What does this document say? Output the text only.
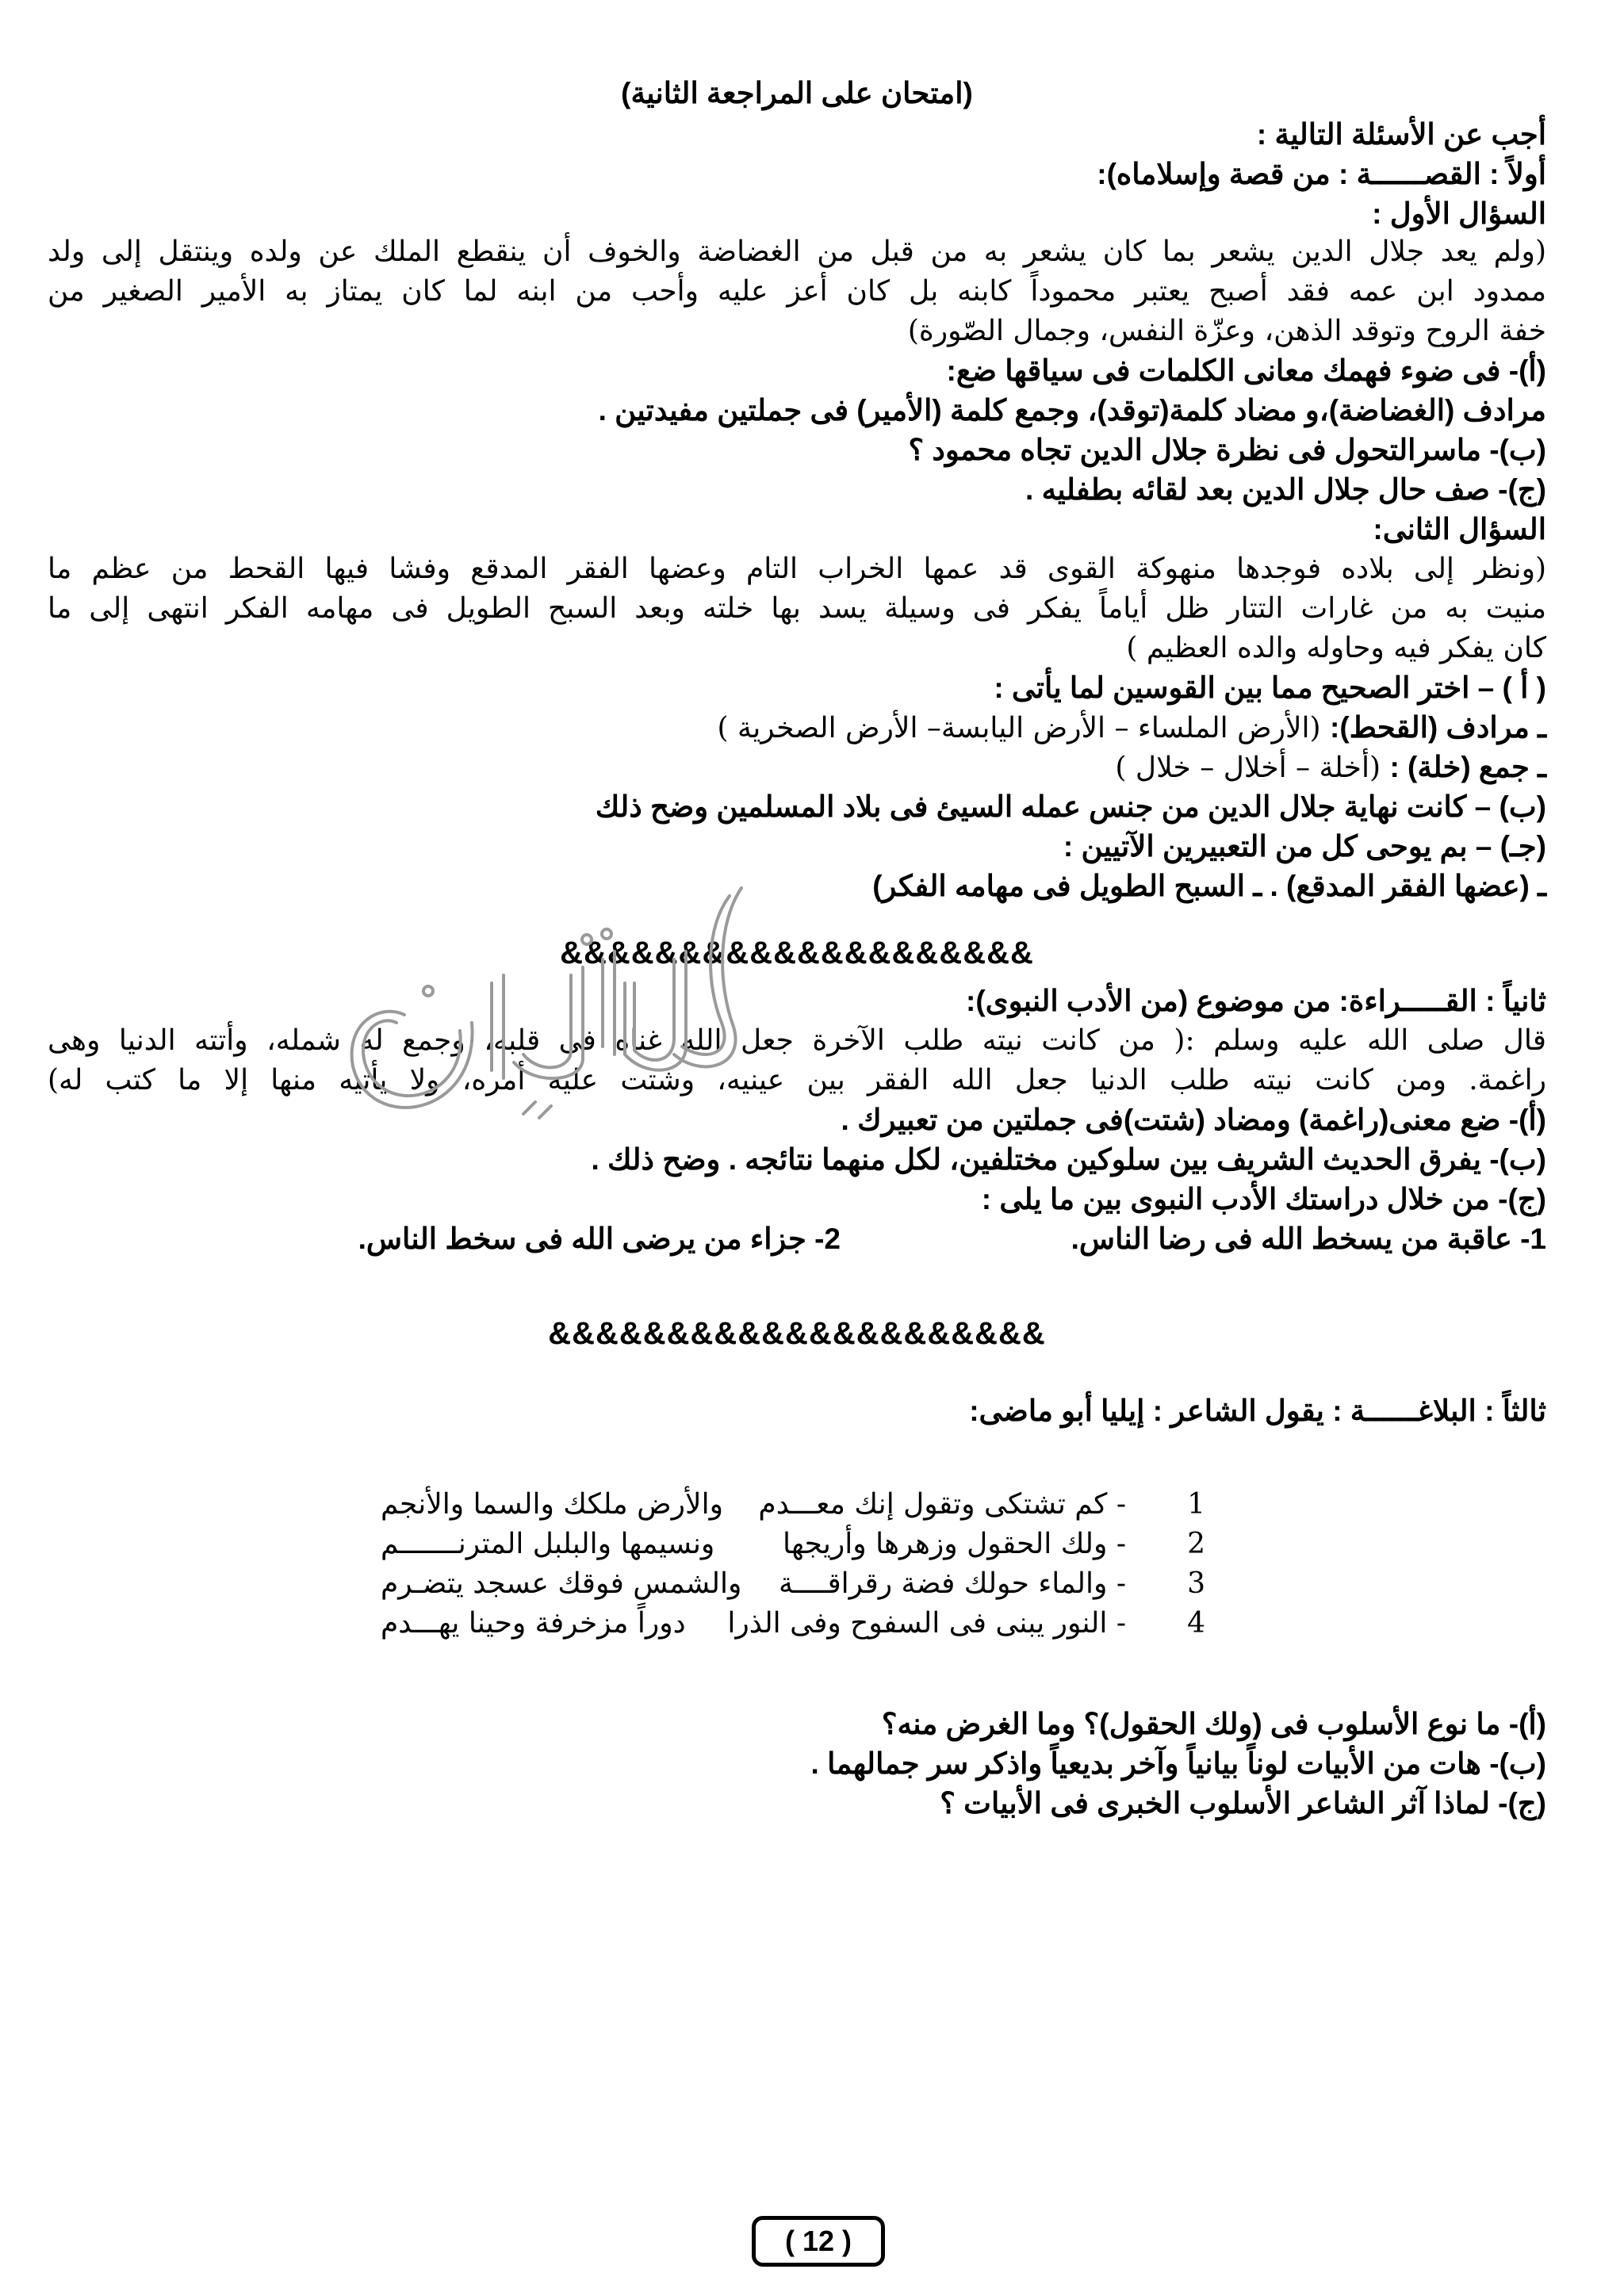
(امتحان على المراجعة الثانية)
أجب عن الأسئلة التالية :
أولاً : القصــــــة : من قصة وإسلاماه):
السؤال الأول :
(ولم يعد جلال الدين يشعر بما كان يشعر به من قبل من الغضاضة والخوف أن ينقطع الملك عن ولده وينتقل إلى ولد
ممدود ابن عمه فقد أصبح يعتبر محموداً كابنه بل كان أعز عليه وأحب من ابنه لما كان يمتاز به الأمير الصغير من
خفة الروح وتوقد الذهن، وعزّة النفس، وجمال الصّورة)
(أ)- فى ضوء فهمك معانى الكلمات فى سياقها ضع:
مرادف (الغضاضة)،و مضاد كلمة(توقد)، وجمع كلمة (الأمير) فى جملتين مفيدتين .
(ب)- ماسرالتحول فى نظرة جلال الدين تجاه محمود ؟
(ج)- صف حال جلال الدين بعد لقائه بطفليه .
السؤال الثانى:
(ونظر إلى بلاده فوجدها منهوكة القوى قد عمها الخراب التام وعضها الفقر المدقع وفشا فيها القحط من عظم ما
منيت به من غارات التتار ظل أياماً يفكر فى وسيلة يسد بها خلته وبعد السبح الطويل فى مهامه الفكر انتهى إلى ما
كان يفكر فيه وحاوله والده العظيم )
( أ ) – اختر الصحيح مما بين القوسين لما يأتى :
ـ مرادف (القحط): (الأرض الملساء – الأرض اليابسة– الأرض الصخرية )
ـ جمع (خلة) : (أخلة – أخلال – خلال )
(ب) – كانت نهاية جلال الدين من جنس عمله السيئ فى بلاد المسلمين وضح ذلك
(جـ) – بم يوحى كل من التعبيرين الآتيين :
ـ (عضها الفقر المدقع) . ـ السبح الطويل فى مهامه الفكر)
&&&&&&&&&&&&&&&&&&&&
ثانياً : القـــــراءة: من موضوع (من الأدب النبوى):
قال صلى الله عليه وسلم :( من كانت نيته طلب الآخرة جعل الله غناه فى قلبه، وجمع له شمله، وأتته الدنيا وهى
راغمة. ومن كانت نيته طلب الدنيا جعل الله الفقر بين عينيه، وشتت عليه أمره، ولا يأتيه منها إلا ما كتب له)
(أ)- ضع معنى(راغمة) ومضاد (شتت)فى جملتين من تعبيرك .
(ب)- يفرق الحديث الشريف بين سلوكين مختلفين، لكل منهما نتائجه . وضح ذلك .
(ج)- من خلال دراستك الأدب النبوى بين ما يلى :
1- عاقبة من يسخط الله فى رضا الناس.
2- جزاء من يرضى الله فى سخط الناس.
&&&&&&&&&&&&&&&&&&&&&
ثالثاً : البلاغــــــة : يقول الشاعر : إيليا أبو ماضى:
1
- كم تشتكى وتقول إنك معـــدم
والأرض ملكك والسما والأنجم
2
- ولك الحقول وزهرها وأريجها
ونسيمها والبلبل المترنـــــــم
3
- والماء حولك فضة رقراقــــة
والشمس فوقك عسجد يتضـرم
4
- النور يبنى فى السفوح وفى الذرا
دوراً مزخرفة وحينا يهـــدم
(أ)- ما نوع الأسلوب فى (ولك الحقول)؟ وما الغرض منه؟
(ب)- هات من الأبيات لوناً بيانياً وآخر بديعياً واذكر سر جمالهما .
(ج)- لماذا آثر الشاعر الأسلوب الخبرى فى الأبيات ؟
( 12 )
